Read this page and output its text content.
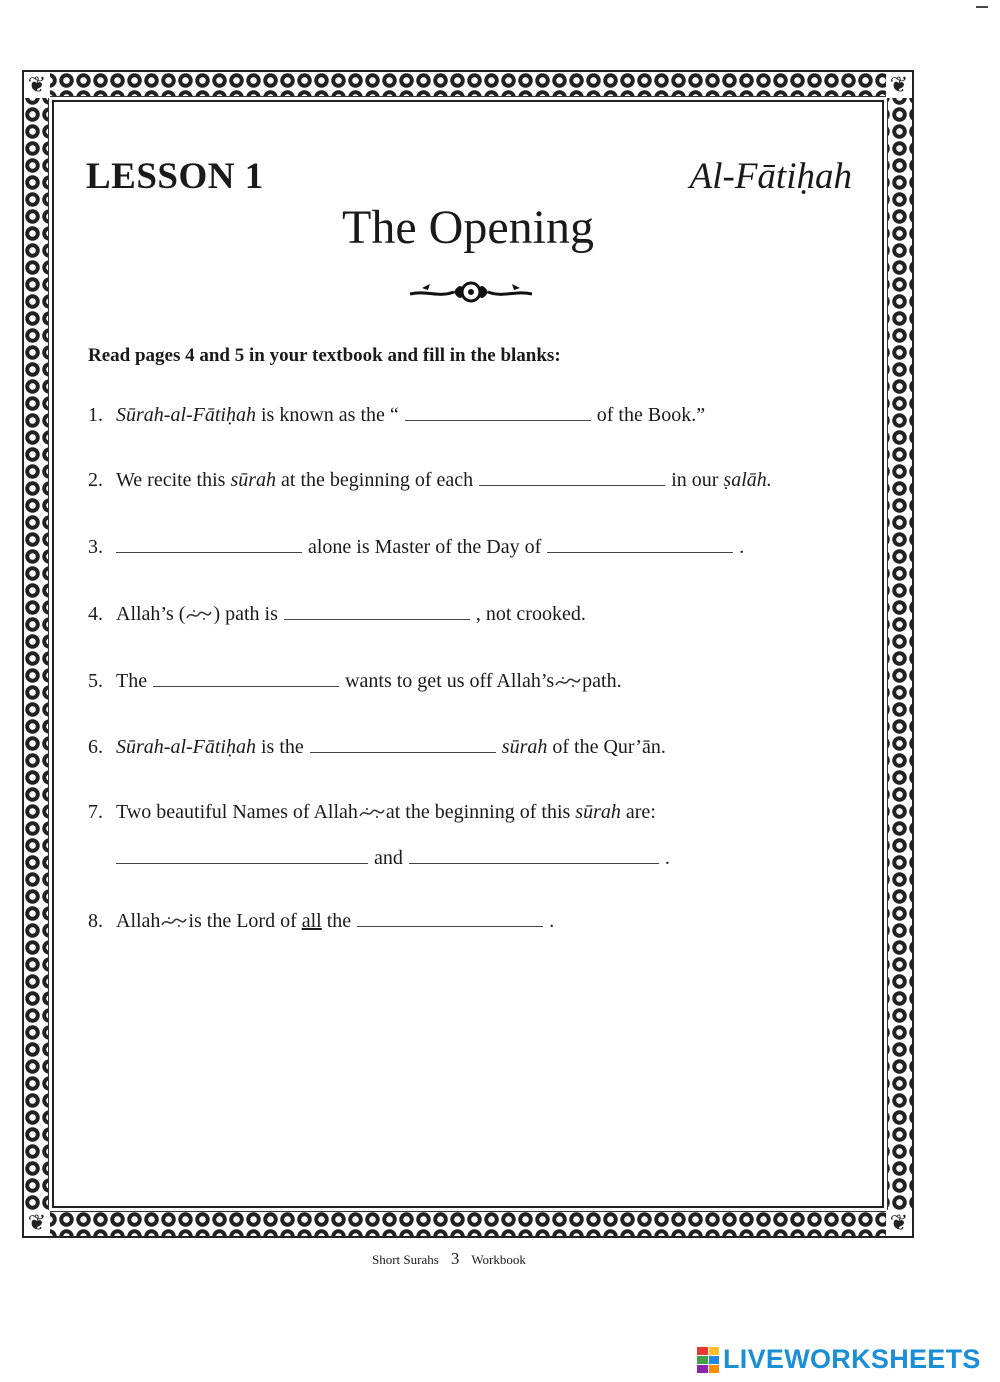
❦	❦
❦	❦
LESSON 1	Al-Fātiḥah
The Opening
Read pages 4 and 5 in your textbook and fill in the blanks:
1. Sūrah-al-Fātiḥah is known as the “	of the Book.”
2. We recite this sūrah at the beginning of each	in our ṣalāh.
3.	alone is Master of the Day of	.
4. Allah’s ( ) path is	, not crooked.
5. The	wants to get us off Allah’s path.
6. Sūrah-al-Fātiḥah is the	sūrah of the Qur’ān.
7. Two beautiful Names of Allah at the beginning of this sūrah are:
and	.
8. Allah is the Lord of all the	.
Short Surahs 3 Workbook
LIVEWORKSHEETS
